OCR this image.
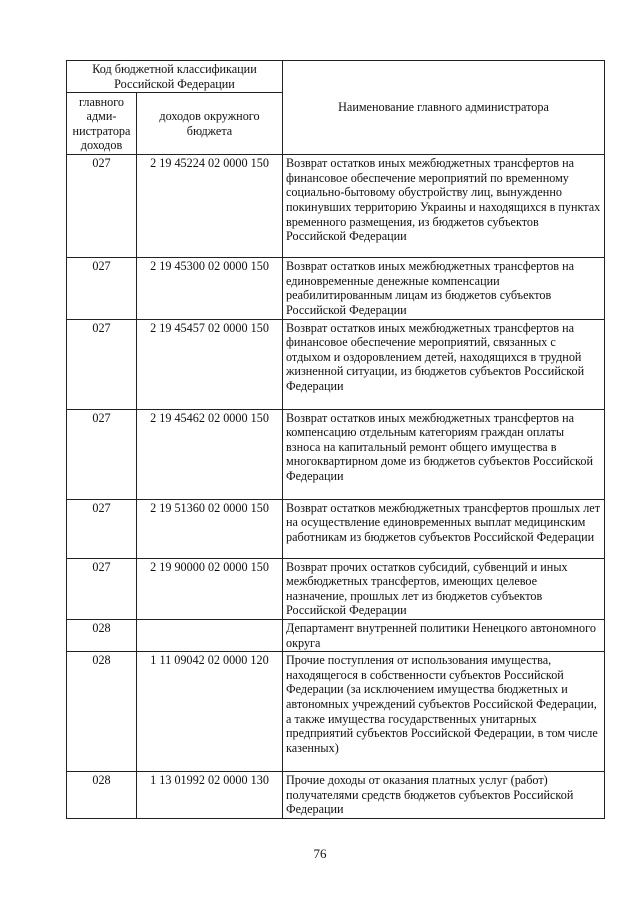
Код бюджетной классификации Российской Федерации		Наименование главного администратора
главного адми-нистратора доходов	доходов окружного бюджета	
027	2 19 45224 02 0000 150	Возврат остатков иных межбюджетных трансфертов на финансовое обеспечение мероприятий по временному социально-бытовому обустройству лиц, вынужденно покинувших территорию Украины и находящихся в пунктах временного размещения, из бюджетов субъектов Российской Федерации
027	2 19 45300 02 0000 150	Возврат остатков иных межбюджетных трансфертов на единовременные денежные компенсации реабилитированным лицам из бюджетов субъектов Российской Федерации
027	2 19 45457 02 0000 150	Возврат остатков иных межбюджетных трансфертов на финансовое обеспечение мероприятий, связанных с отдыхом и оздоровлением детей, находящихся в трудной жизненной ситуации, из бюджетов субъектов Российской Федерации
027	2 19 45462 02 0000 150	Возврат остатков иных межбюджетных трансфертов на компенсацию отдельным категориям граждан оплаты взноса на капитальный ремонт общего имущества в многоквартирном доме из бюджетов субъектов Российской Федерации
027	2 19 51360 02 0000 150	Возврат остатков межбюджетных трансфертов прошлых лет на осуществление единовременных выплат медицинским работникам из бюджетов субъектов Российской Федерации
027	2 19 90000 02 0000 150	Возврат прочих остатков субсидий, субвенций и иных межбюджетных трансфертов, имеющих целевое назначение, прошлых лет из бюджетов субъектов Российской Федерации
028		Департамент внутренней политики Ненецкого автономного округа
028	1 11 09042 02 0000 120	Прочие поступления от использования имущества, находящегося в собственности субъектов Российской Федерации (за исключением имущества бюджетных и автономных учреждений субъектов Российской Федерации, а также имущества государственных унитарных предприятий субъектов Российской Федерации, в том числе казенных)
028	1 13 01992 02 0000 130	Прочие доходы от оказания платных услуг (работ) получателями средств бюджетов субъектов Российской Федерации
76
